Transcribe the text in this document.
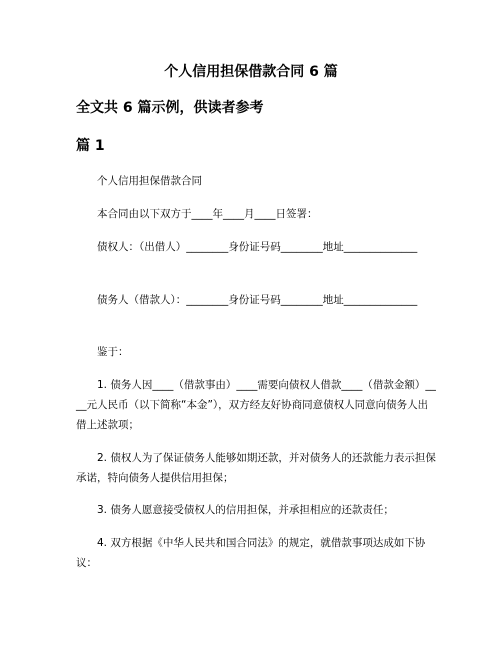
个人信用担保借款合同 6 篇
全文共 6 篇示例，供读者参考
篇 1

个人信用担保借款合同

本合同由以下双方于____年____月____日签署：

债权人：（出借人）________身份证号码________地址______________

债务人（借款人）：________身份证号码________地址______________

鉴于：

1. 债务人因____（借款事由）____需要向债权人借款____（借款金额）____元人民币（以下简称“本金”），双方经友好协商同意债权人同意向债务人出借上述款项；

2. 债权人为了保证债务人能够如期还款，并对债务人的还款能力表示担保承诺，特向债务人提供信用担保；

3. 债务人愿意接受债权人的信用担保，并承担相应的还款责任；

4. 双方根据《中华人民共和国合同法》的规定，就借款事项达成如下协议：
